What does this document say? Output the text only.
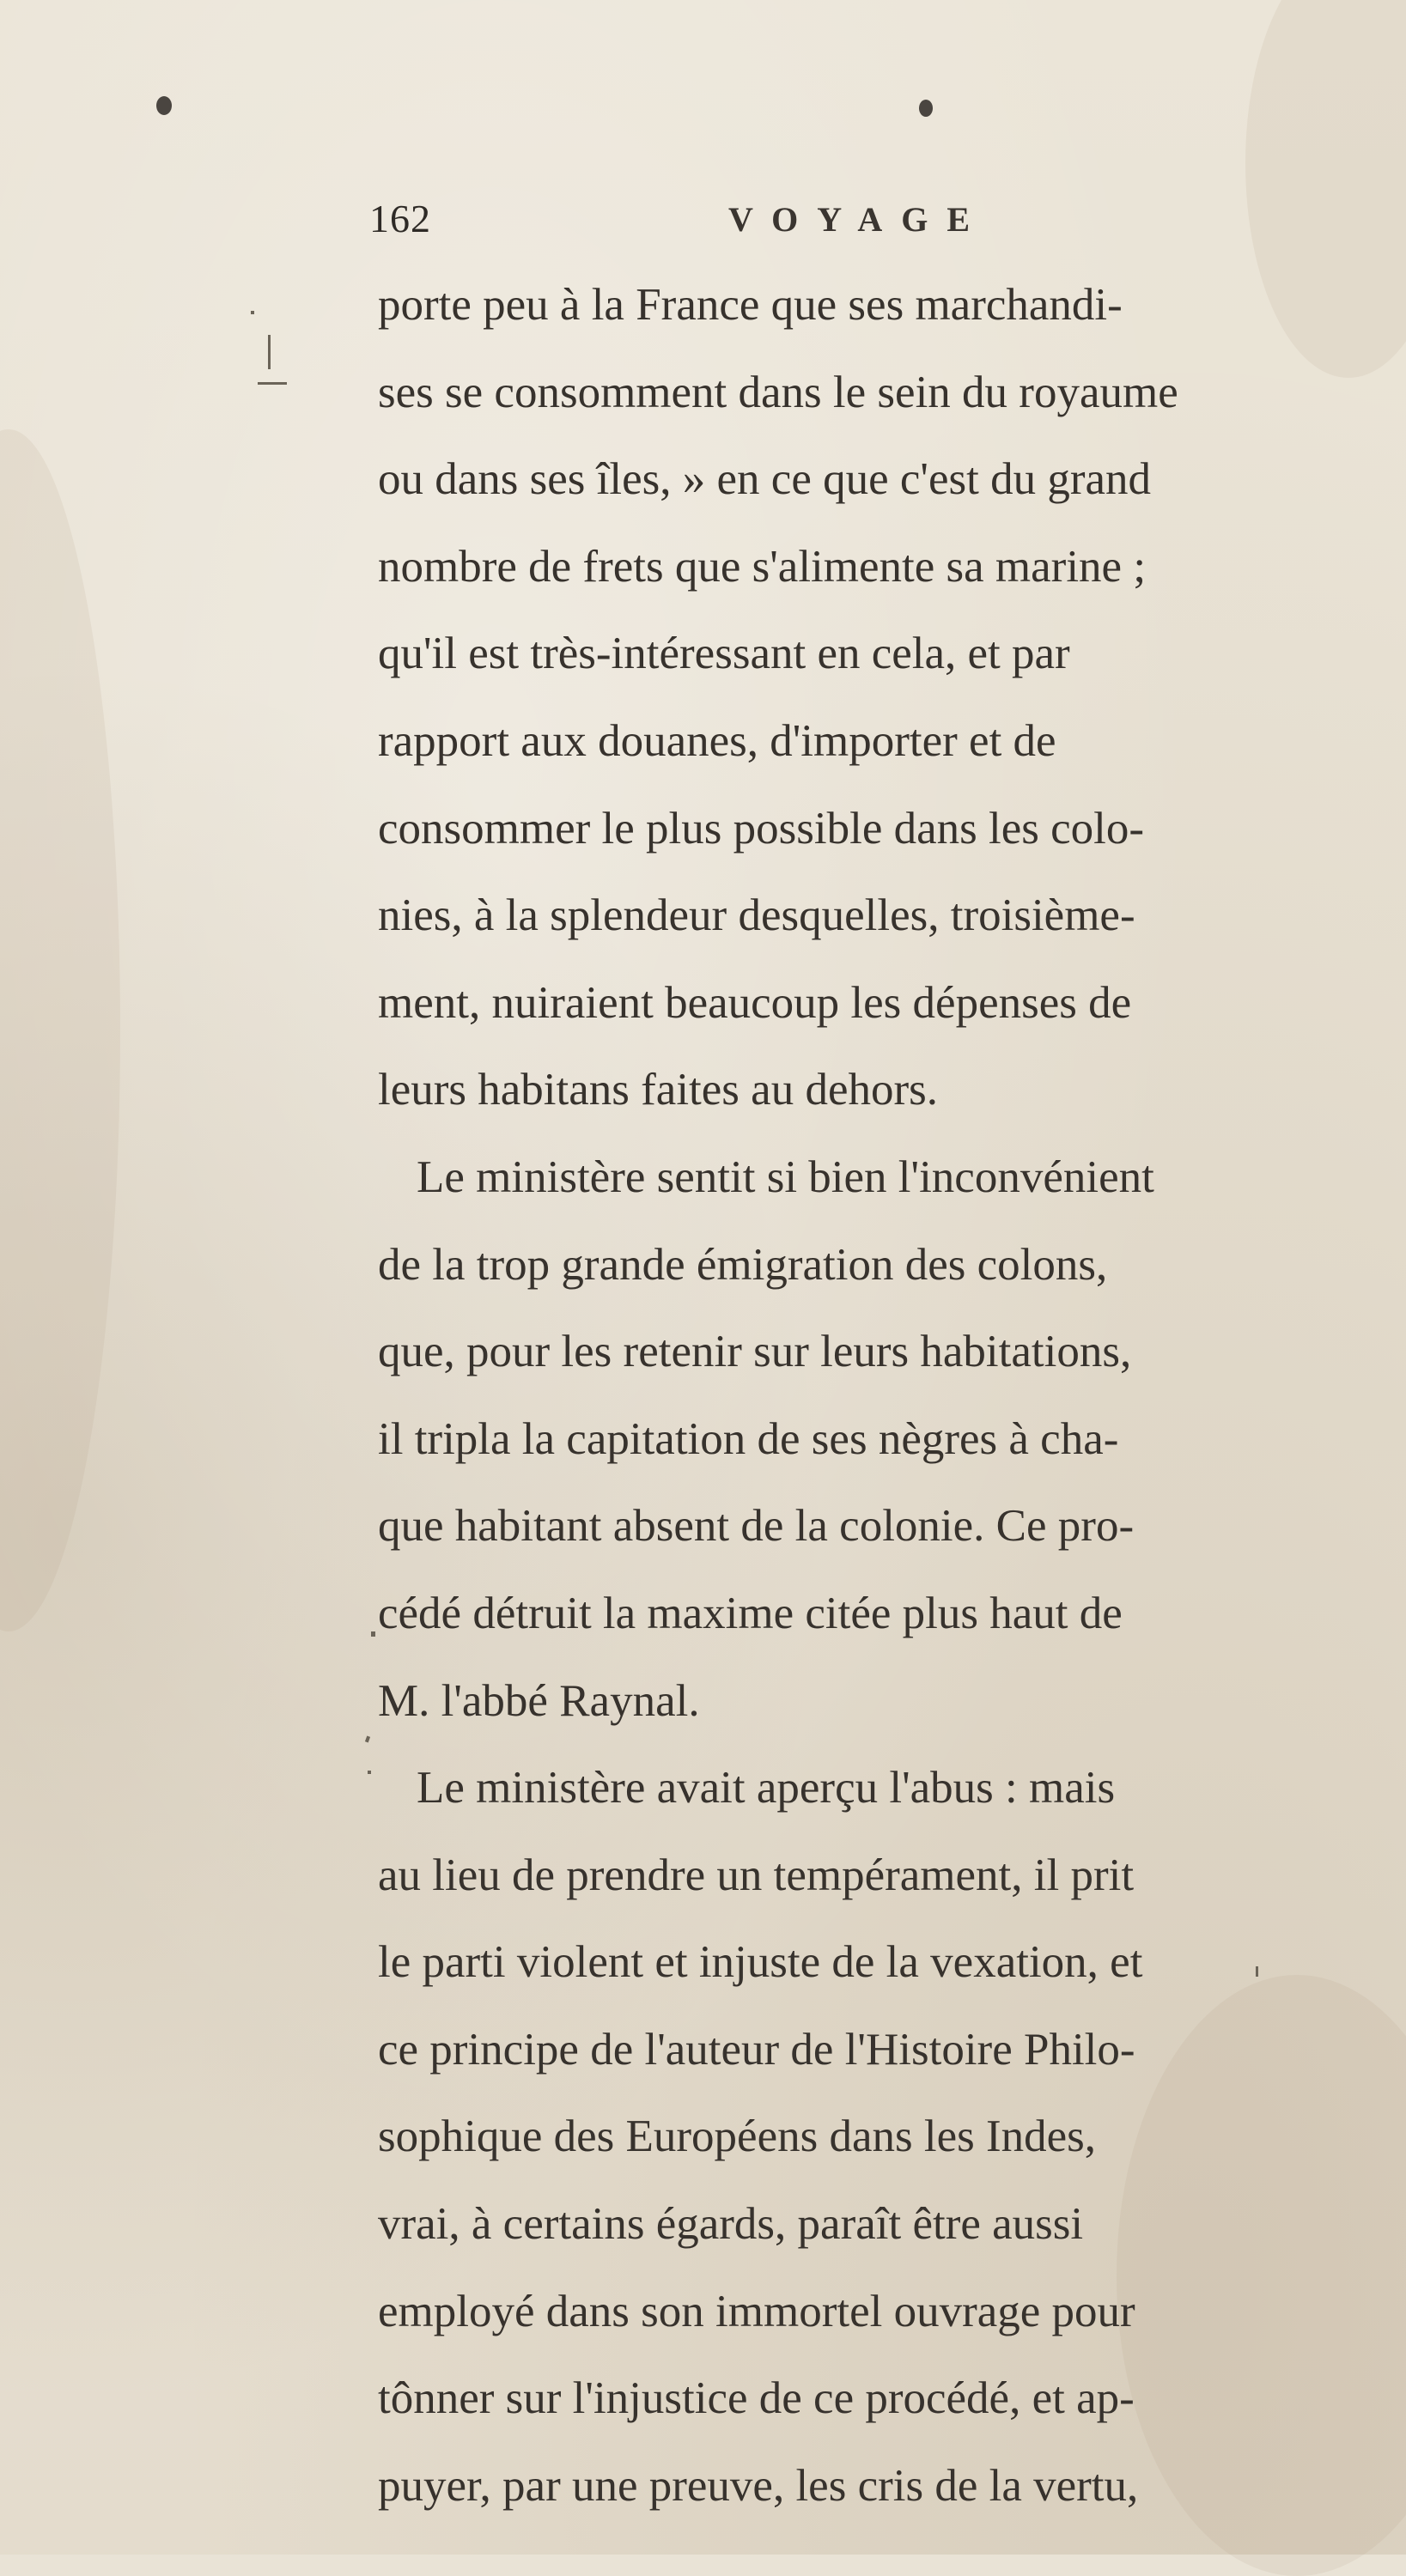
162	VOYAGE
porte peu à la France que ses marchandi-
ses se consomment dans le sein du royaume
ou dans ses îles, » en ce que c'est du grand
nombre de frets que s'alimente sa marine ;
qu'il est très-intéressant en cela, et par
rapport aux douanes, d'importer et de
consommer le plus possible dans les colo-
nies, à la splendeur desquelles, troisième-
ment, nuiraient beaucoup les dépenses de
leurs habitans faites au dehors.
Le ministère sentit si bien l'inconvénient
de la trop grande émigration des colons,
que, pour les retenir sur leurs habitations,
il tripla la capitation de ses nègres à cha-
que habitant absent de la colonie. Ce pro-
cédé détruit la maxime citée plus haut de
M. l'abbé Raynal.
Le ministère avait aperçu l'abus : mais
au lieu de prendre un tempérament, il prit
le parti violent et injuste de la vexation, et
ce principe de l'auteur de l'Histoire Philo-
sophique des Européens dans les Indes,
vrai, à certains égards, paraît être aussi
employé dans son immortel ouvrage pour
tônner sur l'injustice de ce procédé, et ap-
puyer, par une preuve, les cris de la vertu,
